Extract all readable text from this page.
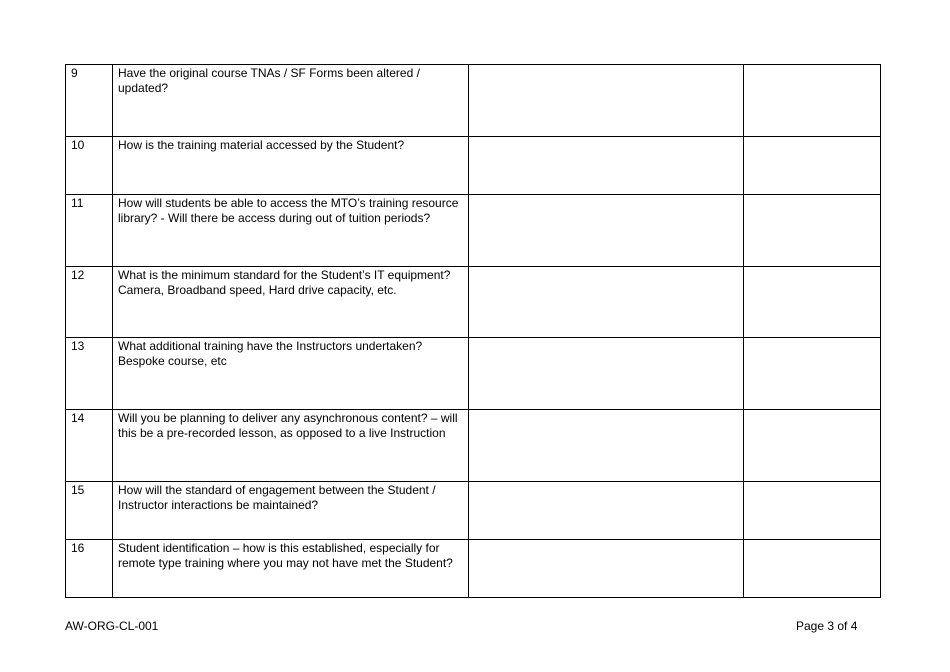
9	Have the original course TNAs / SF Forms been altered / updated?		
10	How is the training material accessed by the Student?		
11	How will students be able to access the MTO’s training resource library? - Will there be access during out of tuition periods?		
12	What is the minimum standard for the Student’s IT equipment? Camera, Broadband speed, Hard drive capacity, etc.		
13	What additional training have the Instructors undertaken? Bespoke course, etc		
14	Will you be planning to deliver any asynchronous content? – will this be a pre-recorded lesson, as opposed to a live Instruction		
15	How will the standard of engagement between the Student / Instructor interactions be maintained?		
16	Student identification – how is this established, especially for remote type training where you may not have met the Student?		
AW-ORG-CL-001	Page 3 of 4
